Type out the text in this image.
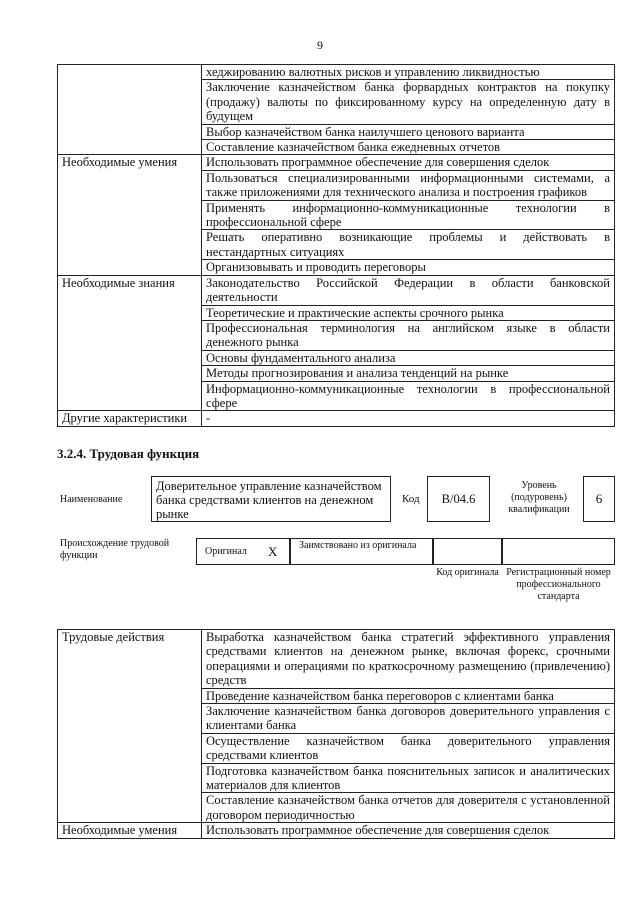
9
	хеджированию валютных рисков и управлению ликвидностью
	Заключение казначейством банка форвардных контрактов на покупку (продажу) валюты по фиксированному курсу на определенную дату в будущем
	Выбор казначейством банка наилучшего ценового варианта
	Составление казначейством банка ежедневных отчетов
Необходимые умения	Использовать программное обеспечение для совершения сделок
	Пользоваться специализированными информационными системами, а также приложениями для технического анализа и построения графиков
	Применять информационно-коммуникационные технологии в профессиональной сфере
	Решать оперативно возникающие проблемы и действовать в нестандартных ситуациях
	Организовывать и проводить переговоры
Необходимые знания	Законодательство Российской Федерации в области банковской деятельности
	Теоретические и практические аспекты срочного рынка
	Профессиональная терминология на английском языке в области денежного рынка
	Основы фундаментального анализа
	Методы прогнозирования и анализа тенденций на рынке
	Информационно-коммуникационные технологии в профессиональной сфере
Другие характеристики	-
3.2.4. Трудовая функция
Наименование
Доверительное управление казначейством банка средствами клиентов на денежном рынке
Код	B/04.6
Уровень (подуровень) квалификации
6
Происхождение трудовой функции	Оригинал X Заимствовано из оригинала
Код оригинала Регистрационный номер профессионального стандарта
Трудовые действия	Выработка казначейством банка стратегий эффективного управления средствами клиентов на денежном рынке, включая форекс, срочными операциями и операциями по краткосрочному размещению (привлечению) средств
	Проведение казначейством банка переговоров с клиентами банка
	Заключение казначейством банка договоров доверительного управления с клиентами банка
	Осуществление казначейством банка доверительного управления средствами клиентов
	Подготовка казначейством банка пояснительных записок и аналитических материалов для клиентов
	Составление казначейством банка отчетов для доверителя с установленной договором периодичностью
Необходимые умения	Использовать программное обеспечение для совершения сделок
